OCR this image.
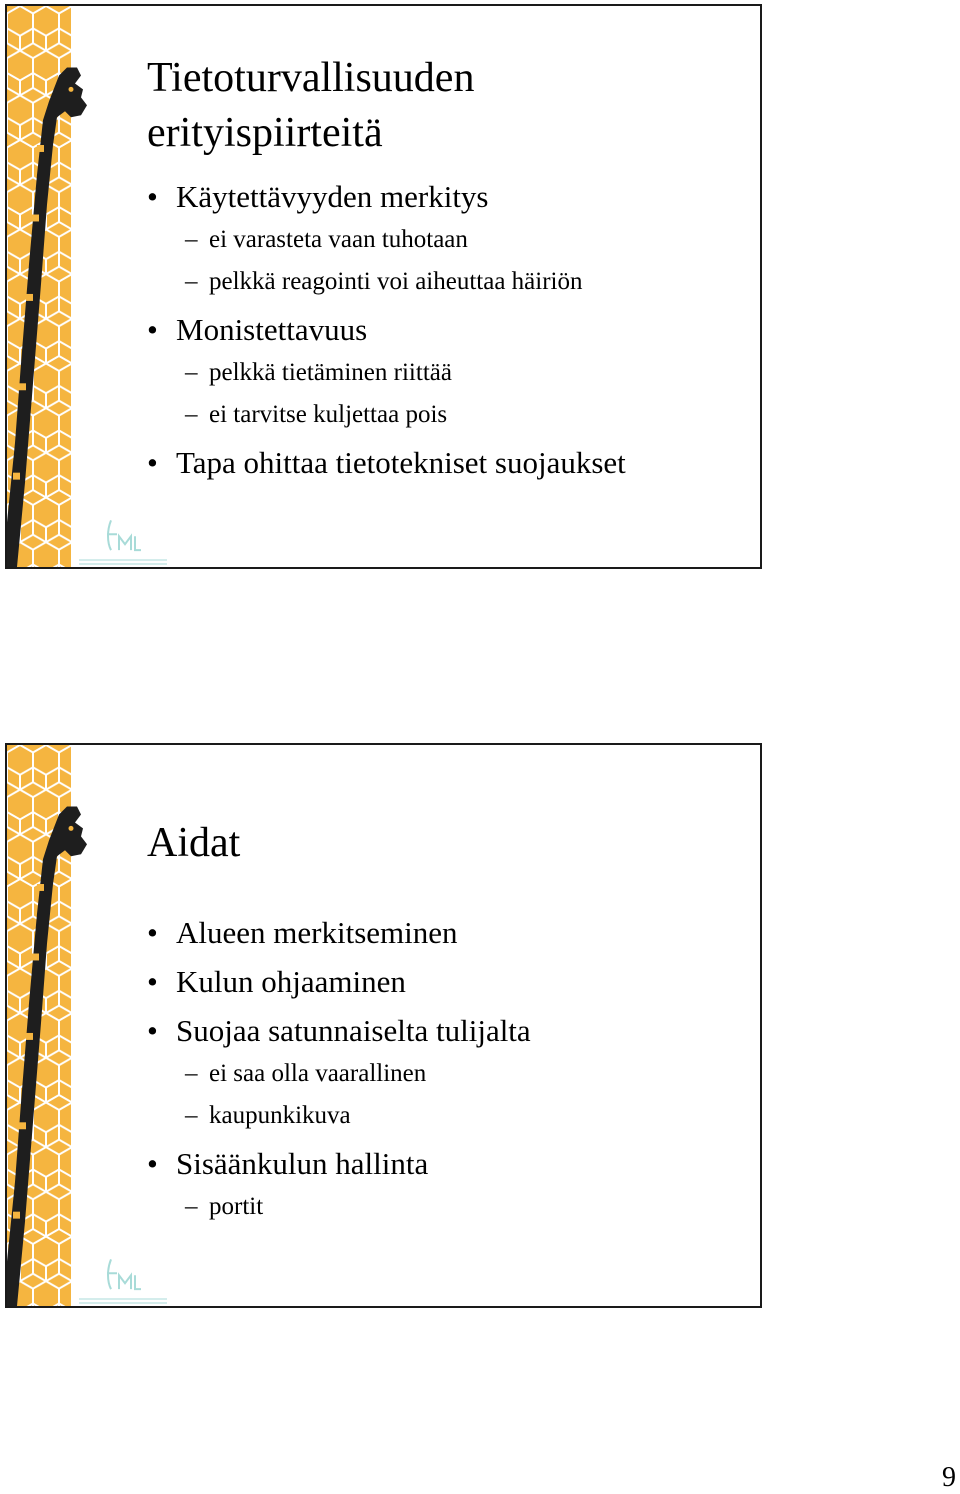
Tietoturvallisuuden
erityispiirteitä
• Käytettävyyden merkitys
– ei varasteta vaan tuhotaan
– pelkkä reagointi voi aiheuttaa häiriön
• Monistettavuus
– pelkkä tietäminen riittää
– ei tarvitse kuljettaa pois
• Tapa ohittaa tietotekniset suojaukset
Aidat
• Alueen merkitseminen
• Kulun ohjaaminen
• Suojaa satunnaiselta tulijalta
– ei saa olla vaarallinen
– kaupunkikuva
• Sisäänkulun hallinta
– portit
9
